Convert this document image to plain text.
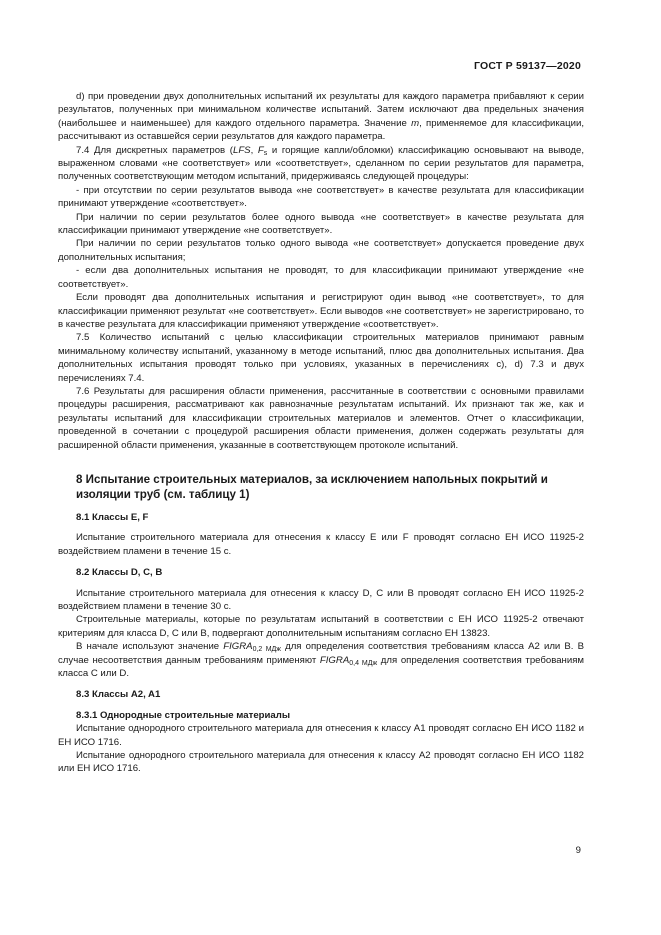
ГОСТ Р 59137—2020

d) при проведении двух дополнительных испытаний их результаты для каждого параметра прибавляют к серии результатов, полученных при минимальном количестве испытаний. Затем исключают два предельных значения (наибольшее и наименьшее) для каждого отдельного параметра. Значение m, применяемое для классификации, рассчитывают из оставшейся серии результатов для каждого параметра.

7.4 Для дискретных параметров (LFS, $F_s$ и горящие капли/обломки) классификацию основывают на выводе, выраженном словами «не соответствует» или «соответствует», сделанном по серии результатов для параметра, полученных соответствующим методом испытаний, придерживаясь следующей процедуры:

- при отсутствии по серии результатов вывода «не соответствует» в качестве результата для классификации принимают утверждение «соответствует».

При наличии по серии результатов более одного вывода «не соответствует» в качестве результата для классификации принимают утверждение «не соответствует».

При наличии по серии результатов только одного вывода «не соответствует» допускается проведение двух дополнительных испытания;

- если два дополнительных испытания не проводят, то для классификации принимают утверждение «не соответствует».

Если проводят два дополнительных испытания и регистрируют один вывод «не соответствует», то для классификации применяют результат «не соответствует». Если выводов «не соответствует» не зарегистрировано, то в качестве результата для классификации применяют утверждение «соответствует».

7.5 Количество испытаний с целью классификации строительных материалов принимают равным минимальному количеству испытаний, указанному в методе испытаний, плюс два дополнительных испытания. Два дополнительных испытания проводят только при условиях, указанных в перечислениях с), d) 7.3 и двух перечислениях 7.4.

7.6 Результаты для расширения области применения, рассчитанные в соответствии с основными правилами процедуры расширения, рассматривают как равнозначные результатам испытаний. Их признают так же, как и результаты испытаний для классификации строительных материалов и элементов. Отчет о классификации, проведенной в сочетании с процедурой расширения области применения, должен содержать результаты для расширенной области применения, указанные в соответствующем протоколе испытаний.

8 Испытание строительных материалов, за исключением напольных покрытий и изоляции труб (см. таблицу 1)
8.1 Классы E, F

Испытание строительного материала для отнесения к классу Е или F проводят согласно ЕН ИСО 11925-2 воздействием пламени в течение 15 с.

8.2 Классы D, C, B

Испытание строительного материала для отнесения к классу D, C или В проводят согласно ЕН ИСО 11925-2 воздействием пламени в течение 30 с.

Строительные материалы, которые по результатам испытаний в соответствии с ЕН ИСО 11925-2 отвечают критериям для класса D, C или В, подвергают дополнительным испытаниям согласно ЕН 13823.

В начале используют значение $FIGRA_{0,2 МДж}$ для определения соответствия требованиям класса А2 или В. В случае несоответствия данным требованиям применяют $FIGRA_{0,4 МДж}$ для определения соответствия требованиям класса С или D.

8.3 Классы A2, A1
8.3.1 Однородные строительные материалы

Испытание однородного строительного материала для отнесения к классу А1 проводят согласно ЕН ИСО 1182 и ЕН ИСО 1716.

Испытание однородного строительного материала для отнесения к классу А2 проводят согласно ЕН ИСО 1182 или ЕН ИСО 1716.

9
